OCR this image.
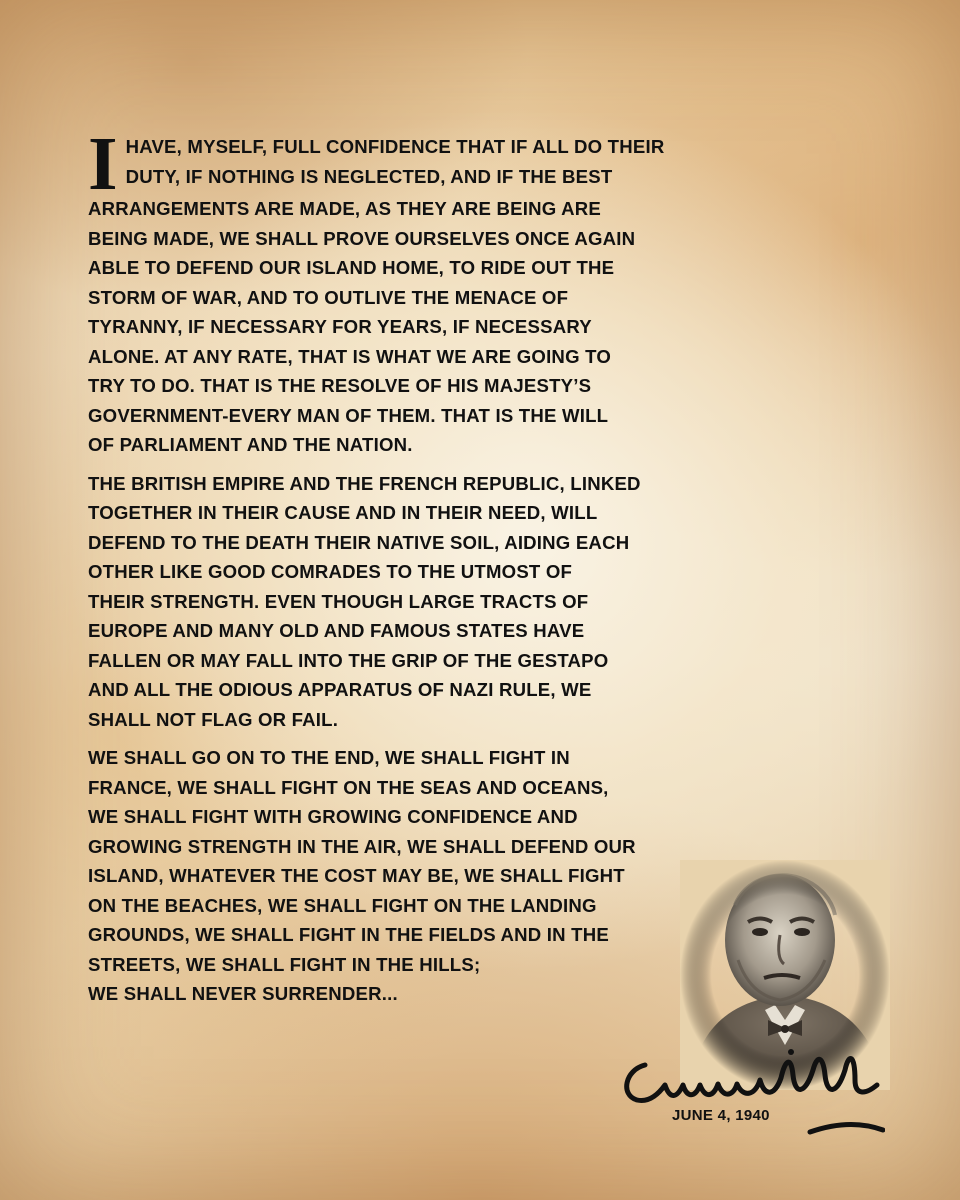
I HAVE, MYSELF, FULL CONFIDENCE THAT IF ALL DO THEIR
DUTY, IF NOTHING IS NEGLECTED, AND IF THE BEST

ARRANGEMENTS ARE MADE, AS THEY ARE BEING ARE
BEING MADE, WE SHALL PROVE OURSELVES ONCE AGAIN
ABLE TO DEFEND OUR ISLAND HOME, TO RIDE OUT THE
STORM OF WAR, AND TO OUTLIVE THE MENACE OF
TYRANNY, IF NECESSARY FOR YEARS, IF NECESSARY
ALONE. AT ANY RATE, THAT IS WHAT WE ARE GOING TO
TRY TO DO. THAT IS THE RESOLVE OF HIS MAJESTY’S
GOVERNMENT-EVERY MAN OF THEM. THAT IS THE WILL
OF PARLIAMENT AND THE NATION.

THE BRITISH EMPIRE AND THE FRENCH REPUBLIC, LINKED
TOGETHER IN THEIR CAUSE AND IN THEIR NEED, WILL
DEFEND TO THE DEATH THEIR NATIVE SOIL, AIDING EACH
OTHER LIKE GOOD COMRADES TO THE UTMOST OF
THEIR STRENGTH. EVEN THOUGH LARGE TRACTS OF
EUROPE AND MANY OLD AND FAMOUS STATES HAVE
FALLEN OR MAY FALL INTO THE GRIP OF THE GESTAPO
AND ALL THE ODIOUS APPARATUS OF NAZI RULE, WE
SHALL NOT FLAG OR FAIL.

WE SHALL GO ON TO THE END, WE SHALL FIGHT IN
FRANCE, WE SHALL FIGHT ON THE SEAS AND OCEANS,
WE SHALL FIGHT WITH GROWING CONFIDENCE AND
GROWING STRENGTH IN THE AIR, WE SHALL DEFEND OUR
ISLAND, WHATEVER THE COST MAY BE, WE SHALL FIGHT
ON THE BEACHES, WE SHALL FIGHT ON THE LANDING
GROUNDS, WE SHALL FIGHT IN THE FIELDS AND IN THE
STREETS, WE SHALL FIGHT IN THE HILLS;
WE SHALL NEVER SURRENDER...

JUNE 4, 1940
